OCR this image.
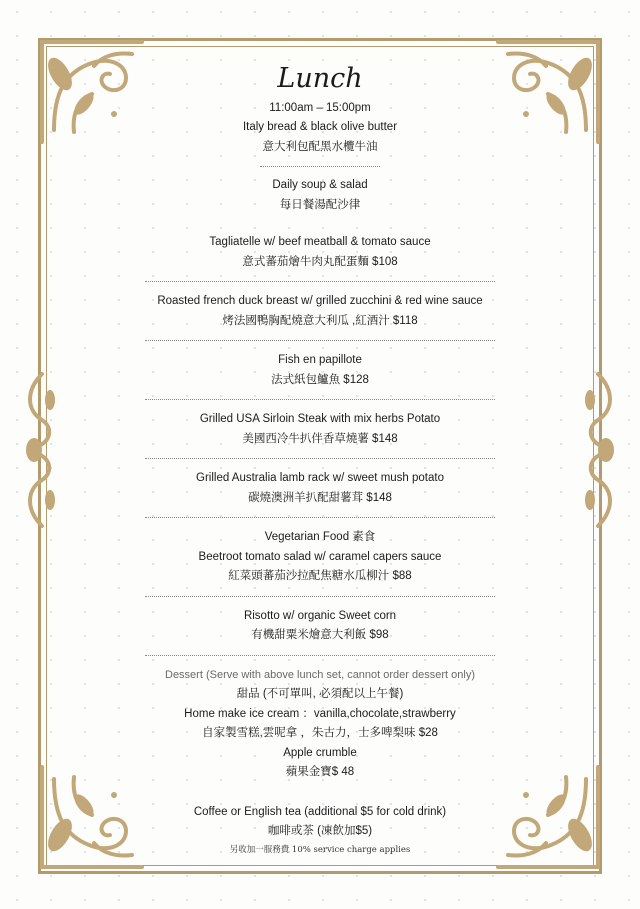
Lunch
11:00am – 15:00pm
Italy bread & black olive butter
意大利包配黑水欖牛油
Daily soup & salad
每日餐湯配沙律
Tagliatelle w/ beef meatball & tomato sauce
意式蕃茄燴牛肉丸配蛋麵 $108
Roasted french duck breast w/ grilled zucchini & red wine sauce
烤法國鴨胸配燒意大利瓜 ,紅酒汁 $118
Fish en papillote
法式紙包鱸魚 $128
Grilled USA Sirloin Steak with mix herbs Potato
美國西冷牛扒伴香草燒薯 $148
Grilled Australia lamb rack w/ sweet mush potato
碳燒澳洲羊扒配甜薯茸 $148
Vegetarian Food 素食
Beetroot tomato salad w/ caramel capers sauce
紅菜頭蕃茄沙拉配焦糖水瓜柳汁 $88
Risotto w/ organic Sweet corn
有機甜粟米燴意大利飯 $98
Dessert (Serve with above lunch set, cannot order dessert only)
甜品 (不可單叫, 必須配以上午餐)
Home make ice cream ：vanilla,chocolate,strawberry
自家製雪糕,雲呢拿 ，朱古力，士多啤梨味 $28
Apple crumble
蘋果金寶$ 48
Coffee or English tea (additional $5 for cold drink)
咖啡或茶 (凍飲加$5)
另收加一服務費 10% service charge applies
